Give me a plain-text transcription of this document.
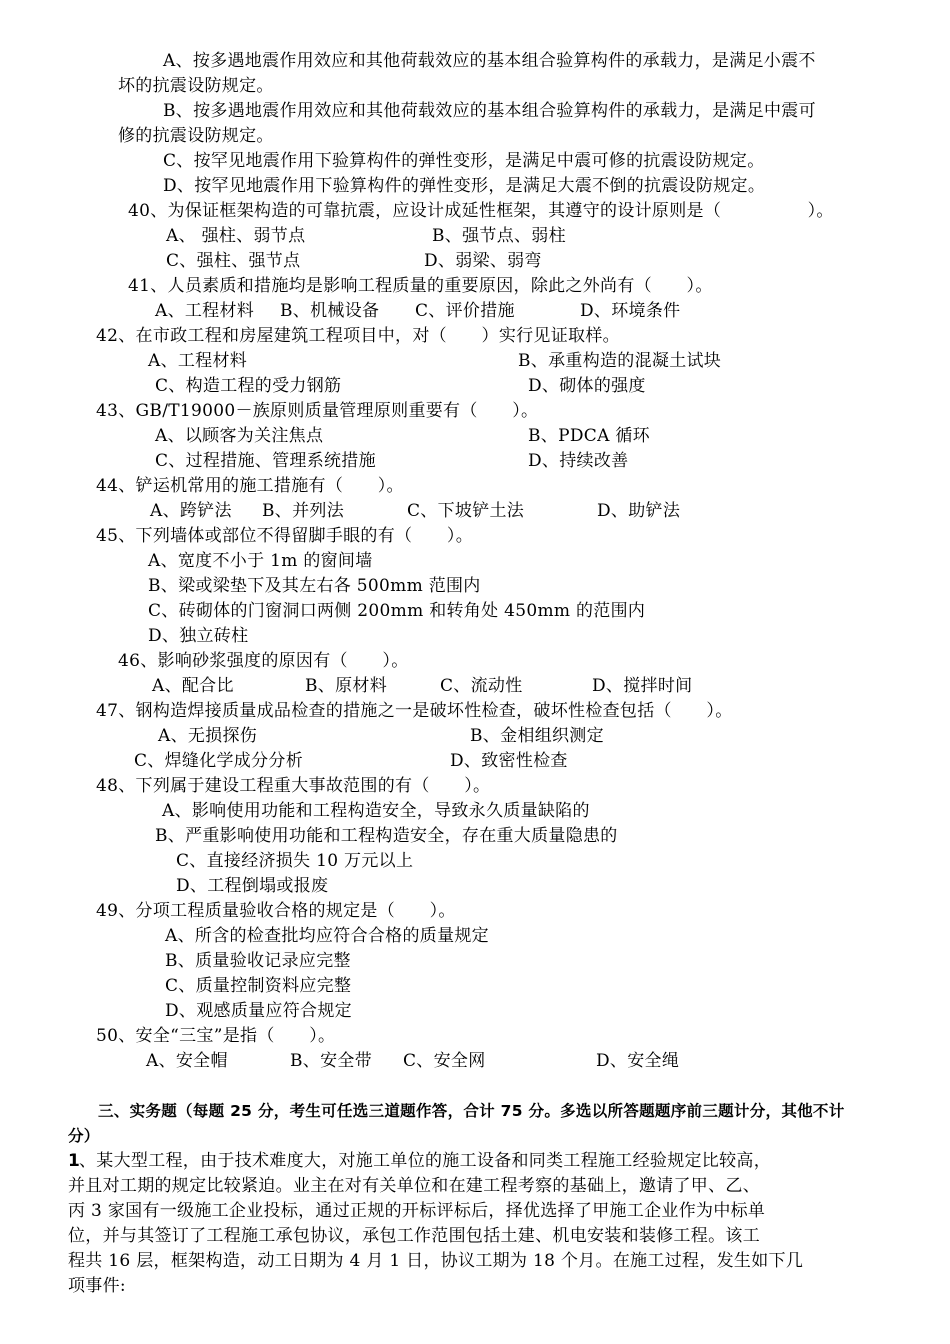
A、按多遇地震作用效应和其他荷载效应的基本组合验算构件的承载力，是满足小震不
坏的抗震设防规定。
B、按多遇地震作用效应和其他荷载效应的基本组合验算构件的承载力，是满足中震可
修的抗震设防规定。
C、按罕见地震作用下验算构件的弹性变形，是满足中震可修的抗震设防规定。
D、按罕见地震作用下验算构件的弹性变形，是满足大震不倒的抗震设防规定。
40、为保证框架构造的可靠抗震，应设计成延性框架，其遵守的设计原则是（　　　　　）。
A、 强柱、弱节点	B、强节点、弱柱
C、强柱、强节点	D、弱梁、弱弯
41、人员素质和措施均是影响工程质量的重要原因，除此之外尚有（　　）。
A、工程材料 B、机械设备 C、评价措施	D、环境条件
42、在市政工程和房屋建筑工程项目中，对（　　）实行见证取样。
A、工程材料	B、承重构造的混凝土试块
C、构造工程的受力钢筋	D、砌体的强度
43、GB/T19000－族原则质量管理原则重要有（　　）。
A、以顾客为关注焦点	B、PDCA 循环
C、过程措施、管理系统措施	D、持续改善
44、铲运机常用的施工措施有（　　）。
A、跨铲法 B、并列法	C、下坡铲土法	D、助铲法
45、下列墙体或部位不得留脚手眼的有（　　）。
A、宽度不小于 1m 的窗间墙
B、梁或梁垫下及其左右各 500mm 范围内
C、砖砌体的门窗洞口两侧 200mm 和转角处 450mm 的范围内
D、独立砖柱
46、影响砂浆强度的原因有（　　）。
A、配合比	B、原材料	C、流动性	D、搅拌时间
47、钢构造焊接质量成品检查的措施之一是破坏性检查，破坏性检查包括（　　）。
A、无损探伤	B、金相组织测定
C、焊缝化学成分分析	D、致密性检查
48、下列属于建设工程重大事故范围的有（　　）。
A、影响使用功能和工程构造安全，导致永久质量缺陷的
B、严重影响使用功能和工程构造安全，存在重大质量隐患的
C、直接经济损失 10 万元以上
D、工程倒塌或报废
49、分项工程质量验收合格的规定是（　　）。
A、所含的检查批均应符合合格的质量规定
B、质量验收记录应完整
C、质量控制资料应完整
D、观感质量应符合规定
50、安全“三宝”是指（　　）。
A、安全帽	B、安全带 C、安全网	D、安全绳
三、实务题（每题 25 分，考生可任选三道题作答，合计 75 分。多选以所答题题序前三题计分，其他不计
分）
1
、某大型工程，由于技术难度大，对施工单位的施工设备和同类工程施工经验规定比较高，
并且对工期的规定比较紧迫。业主在对有关单位和在建工程考察的基础上，邀请了甲、乙、
丙 3 家国有一级施工企业投标，通过正规的开标评标后，择优选择了甲施工企业作为中标单
位，并与其签订了工程施工承包协议，承包工作范围包括土建、机电安装和装修工程。该工
程共 16 层，框架构造，动工日期为 4 月 1 日，协议工期为 18 个月。在施工过程，发生如下几
项事件:
